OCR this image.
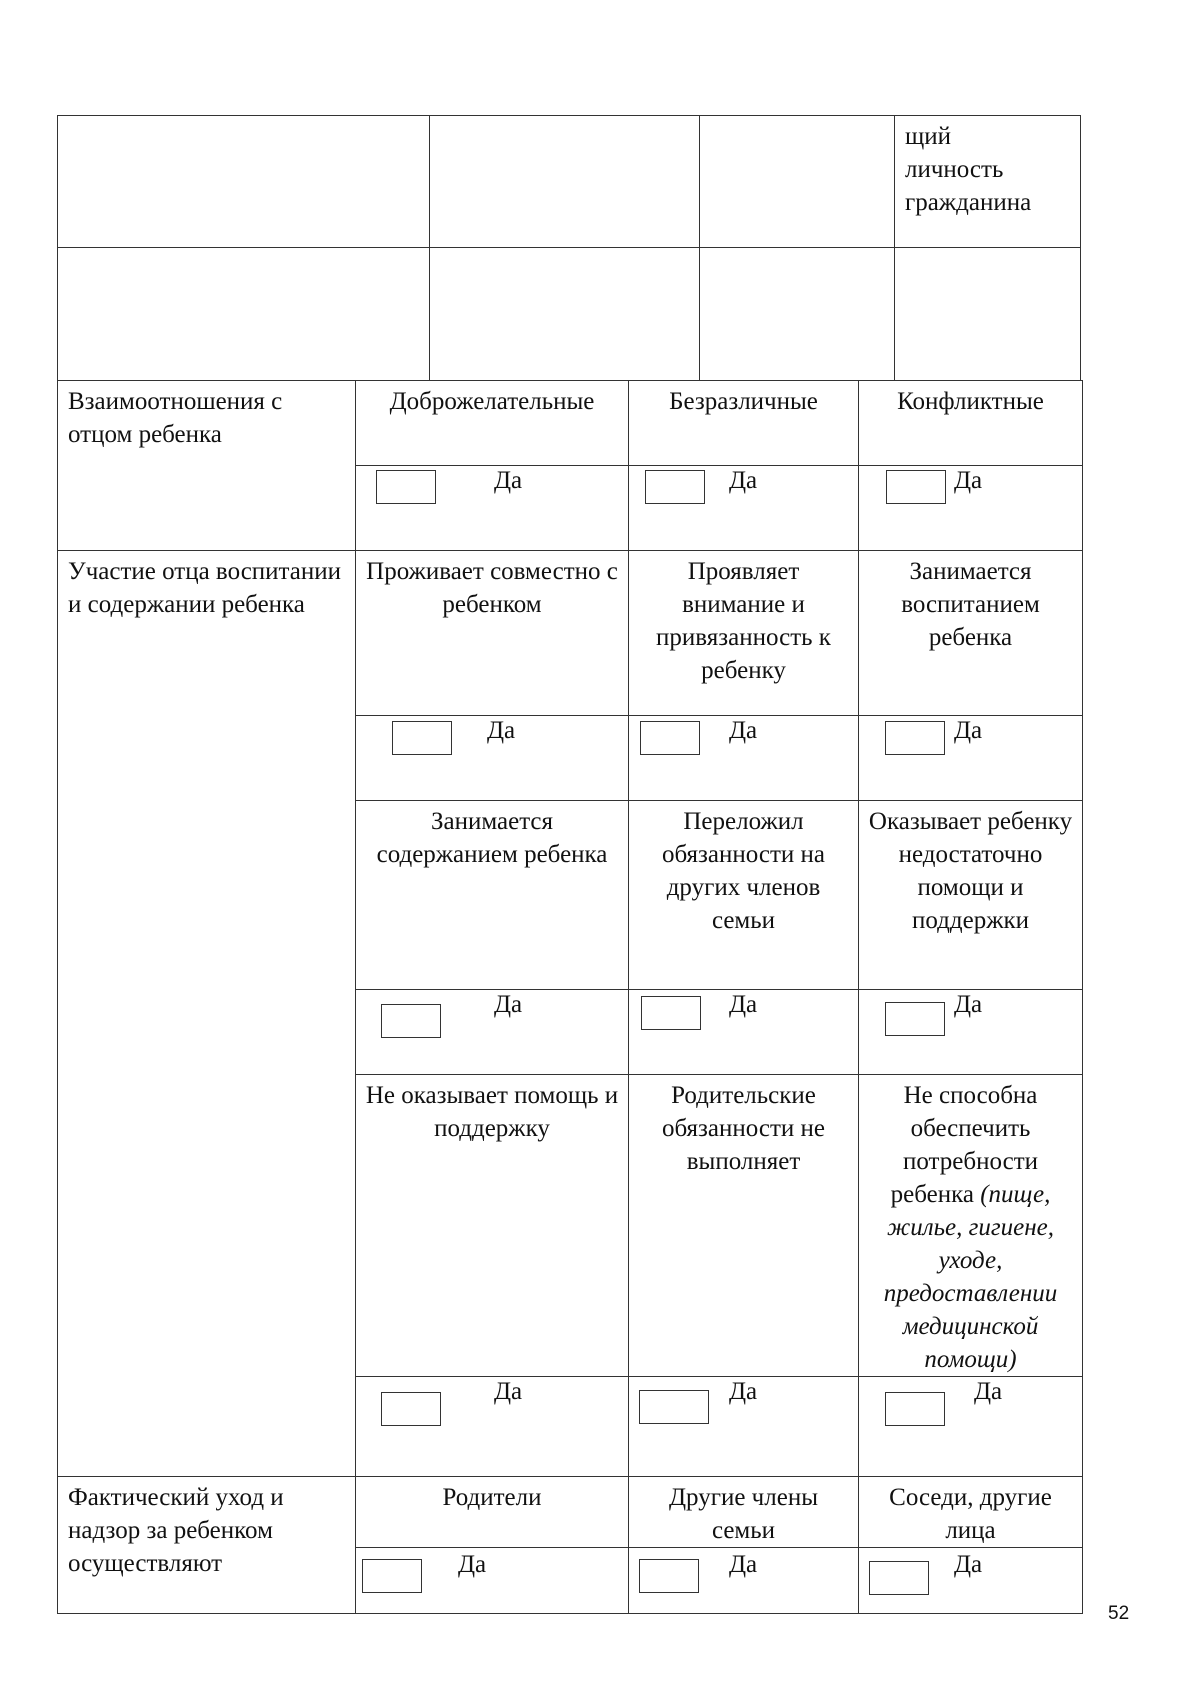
			щий
личность
гражданина

Взаимоотношения с отцом ребенка	Доброжелательные	Безразличные	Конфликтные

	Да	Да	Да

Участие отца воспитании и содержании ребенка	Проживает совместно с ребенком	Проявляет внимание и привязанность к ребенку	Занимается воспитанием ребенка

	Да	Да	Да

	Занимается содержанием ребенка	Переложил обязанности на других членов семьи	Оказывает ребенку недостаточно помощи и поддержки

	Да	Да	Да

	Не оказывает помощь и поддержку	Родительские обязанности не выполняет	Не способна обеспечить потребности ребенка (пище, жилье, гигиене, уходе, предоставлении медицинской помощи)

	Да	Да	Да

Фактический уход и надзор за ребенком осуществляют	Родители	Другие члены семьи	Соседи, другие лица

	Да	Да	Да
52
